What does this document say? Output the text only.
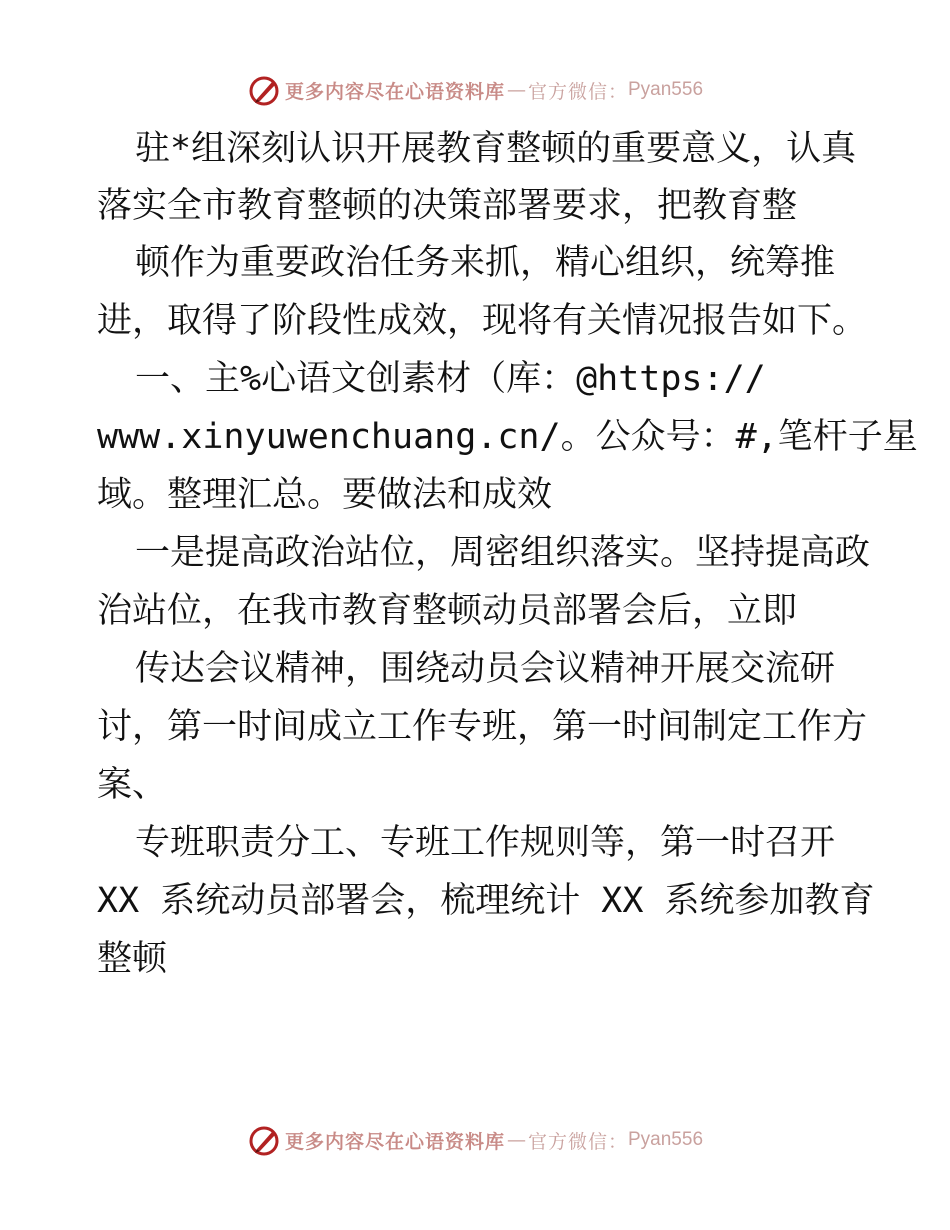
更多内容尽在心语资料库 — 官方微信： Pyan556
驻*组深刻认识开展教育整顿的重要意义，认真
落实全市教育整顿的决策部署要求，把教育整
顿作为重要政治任务来抓，精心组织，统筹推
进，取得了阶段性成效，现将有关情况报告如下。
一、主%心语文创素材（库：@https://
www.xinyuwenchuang.cn/。公众号：#,笔杆子星
域。整理汇总。要做法和成效
一是提高政治站位，周密组织落实。坚持提高政
治站位，在我市教育整顿动员部署会后，立即
传达会议精神，围绕动员会议精神开展交流研
讨，第一时间成立工作专班，第一时间制定工作方
案、
专班职责分工、专班工作规则等，第一时召开
XX 系统动员部署会，梳理统计 XX 系统参加教育
整顿
更多内容尽在心语资料库 — 官方微信： Pyan556
